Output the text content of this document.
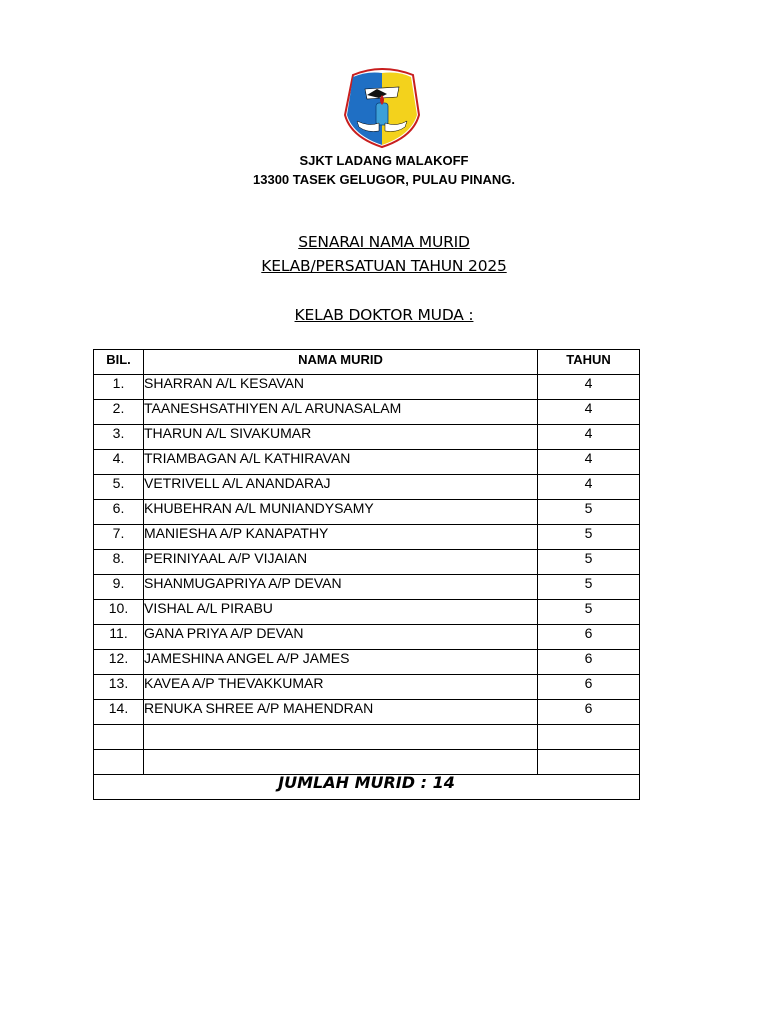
SJKT LADANG MALAKOFF
13300 TASEK GELUGOR, PULAU PINANG.
SENARAI NAMA MURID
KELAB/PERSATUAN TAHUN 2025
KELAB DOKTOR MUDA :
BIL.	NAMA MURID	TAHUN
1.	SHARRAN A/L KESAVAN	4
2.	TAANESHSATHIYEN A/L ARUNASALAM	4
3.	THARUN A/L SIVAKUMAR	4
4.	TRIAMBAGAN A/L KATHIRAVAN	4
5.	VETRIVELL A/L ANANDARAJ	4
6.	KHUBEHRAN A/L MUNIANDYSAMY	5
7.	MANIESHA A/P KANAPATHY	5
8.	PERINIYAAL A/P VIJAIAN	5
9.	SHANMUGAPRIYA A/P DEVAN	5
10.	VISHAL A/L PIRABU	5
11.	GANA PRIYA A/P DEVAN	6
12.	JAMESHINA ANGEL A/P JAMES	6
13.	KAVEA A/P THEVAKKUMAR	6
14.	RENUKA SHREE A/P MAHENDRAN	6

JUMLAH MURID : 14		
